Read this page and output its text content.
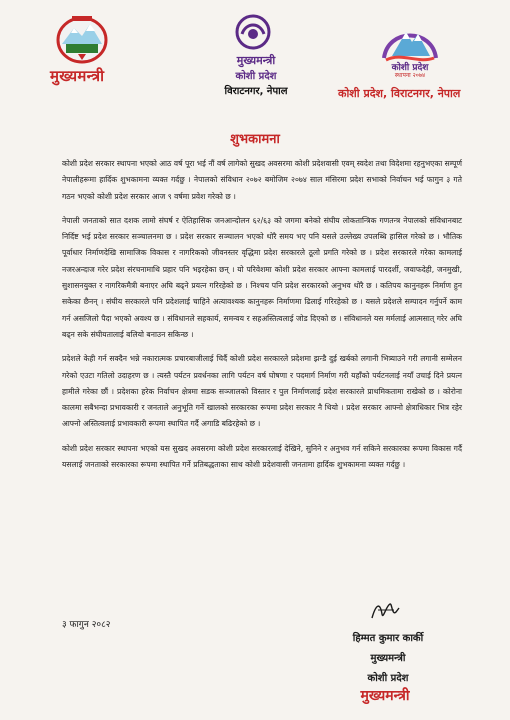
मुख्यमन्त्री
मुख्यमन्त्री
कोशी प्रदेश
विराटनगर, नेपाल
कोशी प्रदेश
स्थापना २०७४
कोशी प्रदेश, विराटनगर, नेपाल
शुभकामना

कोशी प्रदेश सरकार स्थापना भएको आठ वर्ष पूरा भई नौं वर्ष लागेको सुखद अवसरमा कोशी प्रदेशवासी एवम् स्वदेश तथा विदेशमा रहनुभएका सम्पूर्ण नेपालीहरूमा हार्दिक शुभकामना व्यक्त गर्दछु । नेपालको संविधान २०७२ बमोजिम २०७४ साल मंसिरमा प्रदेश सभाको निर्वाचन भई फागुन ३ गते गठन भएको कोशी प्रदेश सरकार आज ९ वर्षमा प्रवेश गरेको छ ।

नेपाली जनताको सात दशक लामो संघर्ष र ऐतिहासिक जनआन्दोलन ६२/६३ को जगमा बनेको संघीय लोकतान्त्रिक गणतन्त्र नेपालको संविधानबाट निर्दिष्ट भई प्रदेश सरकार सञ्चालनमा छ । प्रदेश सरकार सञ्चालन भएको थोरै समय भए पनि यसले उल्लेख्य उपलब्धि हासिल गरेको छ । भौतिक पूर्वाधार निर्माणदेखि सामाजिक विकास र नागरिकको जीवनस्तर वृद्धिमा प्रदेश सरकारले ठूलो प्रगति गरेको छ । प्रदेश सरकारले गरेका कामलाई नजरअन्दाज गरेर प्रदेश संरचनामाथि प्रहार पनि भइरहेका छन् । यो परिवेशमा कोशी प्रदेश सरकार आफ्ना कामलाई पारदर्शी, जवाफदेही, जनमुखी, सुशासनयुक्त र नागरिकमैत्री बनाएर अघि बढ्ने प्रयत्न गरिरहेको छ । निश्चय पनि प्रदेश सरकारको अनुभव थोरै छ । कतिपय कानुनहरू निर्माण हुन सकेका छैनन् । संघीय सरकारले पनि प्रदेशलाई चाहिने अत्यावश्यक कानुनहरू निर्माणमा ढिलाई गरिरहेको छ । यसले प्रदेशले सम्पादन गर्नुपर्ने काम गर्न असजिलो पैदा भएको अवश्य छ । संविधानले सहकार्य, समन्वय र सहअस्तित्वलाई जोड दिएको छ । संविधानले यस मर्मलाई आत्मसात् गरेर अघि बढ्न सके संघीयतालाई बलियो बनाउन सकिन्छ ।

प्रदेशले केही गर्न सक्दैन भन्ने नकारात्मक प्रचारबाजीलाई चिर्दै कोशी प्रदेश सरकारले प्रदेशमा झन्डै दुई खर्बको लगानी भित्र्याउने गरी लगानी सम्मेलन गरेको एउटा गतिलो उदाहरण छ । त्यस्तै पर्यटन प्रवर्धनका लागि पर्यटन वर्ष घोषणा र पदमार्ग निर्माण गरी यहाँको पर्यटनलाई नयाँ उचाई दिने प्रयत्न हामीले गरेका छौं । प्रदेशका हरेक निर्वाचन क्षेत्रमा सडक सञ्जालको विस्तार र पुल निर्माणलाई प्रदेश सरकारले प्राथमिकतामा राखेको छ । कोरोना कालमा सबैभन्दा प्रभावकारी र जनताले अनुभूति गर्ने खालको सरकारका रूपमा प्रदेश सरकार नै थियो । प्रदेश सरकार आफ्नो क्षेत्राधिकार भित्र रहेर आफ्नो अस्तित्वलाई प्रभावकारी रूपमा स्थापित गर्दै अगाडि बढिरहेको छ ।

कोशी प्रदेश सरकार स्थापना भएको यस सुखद अवसरमा कोशी प्रदेश सरकारलाई देखिने, सुनिने र अनुभव गर्न सकिने सरकारका रूपमा विकास गर्दै यसलाई जनताको सरकारका रूपमा स्थापित गर्ने प्रतिबद्धताका साथ कोशी प्रदेशवासी जनतामा हार्दिक शुभकामना व्यक्त गर्दछु ।

३ फागुन २०८२
हिम्मत कुमार कार्की
मुख्यमन्त्री
कोशी प्रदेश
मुख्यमन्त्री
